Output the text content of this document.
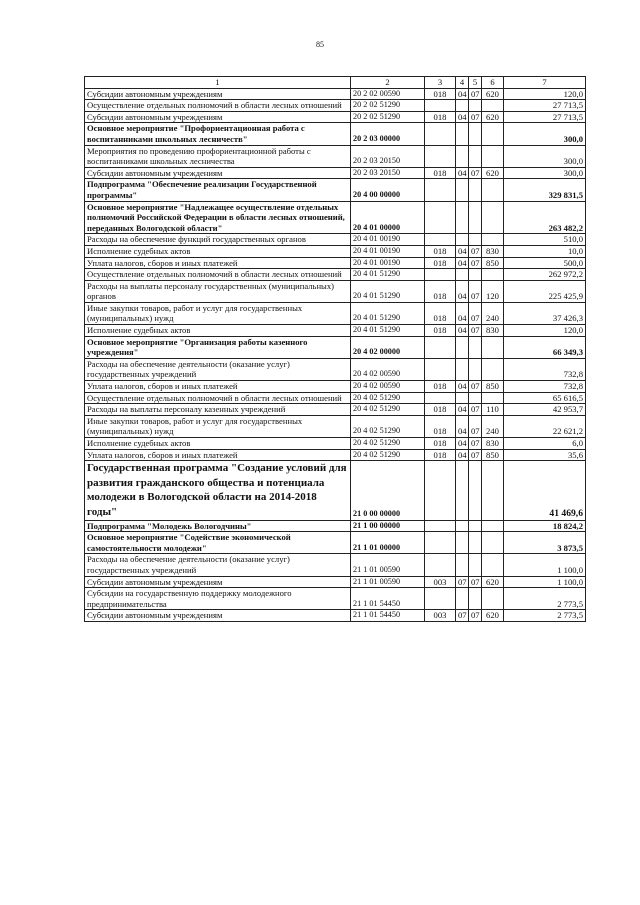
85
1	2	3	4	5	6	7
Субсидии автономным учреждениям	20 2 02 00590	018	04	07	620	120,0
Осуществление отдельных полномочий в области лесных отношений	20 2 02 51290					27 713,5
Субсидии автономным учреждениям	20 2 02 51290	018	04	07	620	27 713,5
Основное мероприятие "Профориентационная работа с воспитанниками школьных лесничеств"	20 2 03 00000					300,0
Мероприятия по проведению профориентационной работы с воспитанниками школьных лесничества	20 2 03 20150					300,0
Субсидии автономным учреждениям	20 2 03 20150	018	04	07	620	300,0
Подпрограмма "Обеспечение реализации Государственной программы"	20 4 00 00000					329 831,5
Основное мероприятие "Надлежащее осуществление отдельных полномочий Российской Федерации в области лесных отношений, переданных Вологодской области"	20 4 01 00000					263 482,2
Расходы на обеспечение функций государственных органов	20 4 01 00190					510,0
Исполнение судебных актов	20 4 01 00190	018	04	07	830	10,0
Уплата налогов, сборов и иных платежей	20 4 01 00190	018	04	07	850	500,0
Осуществление отдельных полномочий в области лесных отношений	20 4 01 51290					262 972,2
Расходы на выплаты персоналу государственных (муниципальных) органов	20 4 01 51290	018	04	07	120	225 425,9
Иные закупки товаров, работ и услуг для государственных (муниципальных) нужд	20 4 01 51290	018	04	07	240	37 426,3
Исполнение судебных актов	20 4 01 51290	018	04	07	830	120,0
Основное мероприятие "Организация работы казенного учреждения"	20 4 02 00000					66 349,3
Расходы на обеспечение деятельности (оказание услуг) государственных учреждений	20 4 02 00590					732,8
Уплата налогов, сборов и иных платежей	20 4 02 00590	018	04	07	850	732,8
Осуществление отдельных полномочий в области лесных отношений	20 4 02 51290					65 616,5
Расходы на выплаты персоналу казенных учреждений	20 4 02 51290	018	04	07	110	42 953,7
Иные закупки товаров, работ и услуг для государственных (муниципальных) нужд	20 4 02 51290	018	04	07	240	22 621,2
Исполнение судебных актов	20 4 02 51290	018	04	07	830	6,0
Уплата налогов, сборов и иных платежей	20 4 02 51290	018	04	07	850	35,6
Государственная программа "Создание условий для развития гражданского общества и потенциала молодежи в Вологодской области на 2014-2018 годы"	21 0 00 00000					41 469,6
Подпрограмма "Молодежь Вологодчины"	21 1 00 00000					18 824,2
Основное мероприятие "Содействие экономической самостоятельности молодежи"	21 1 01 00000					3 873,5
Расходы на обеспечение деятельности (оказание услуг) государственных учреждений	21 1 01 00590					1 100,0
Субсидии автономным учреждениям	21 1 01 00590	003	07	07	620	1 100,0
Субсидии на государственную поддержку молодежного предпринимательства	21 1 01 54450					2 773,5
Субсидии автономным учреждениям	21 1 01 54450	003	07	07	620	2 773,5
